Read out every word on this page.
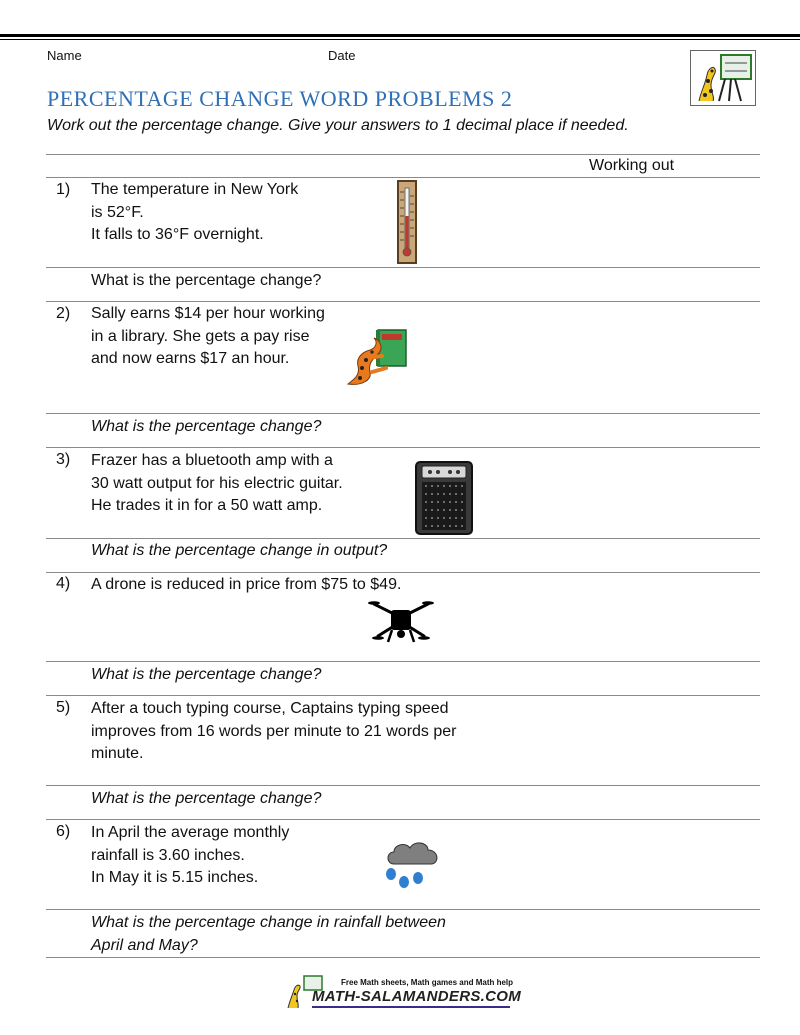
Name	Date
PERCENTAGE CHANGE WORD PROBLEMS 2
Work out the percentage change. Give your answers to 1 decimal place if needed.
Working out
1) The temperature in New York
is 52°F.
It falls to 36°F overnight.
What is the percentage change?
2) Sally earns $14 per hour working
in a library. She gets a pay rise
and now earns $17 an hour.
What is the percentage change?
3) Frazer has a bluetooth amp with a
30 watt output for his electric guitar.
He trades it in for a 50 watt amp.
What is the percentage change in output?
4) A drone is reduced in price from $75 to $49.
What is the percentage change?
5) After a touch typing course, Captains typing speed
improves from 16 words per minute to 21 words per
minute.
What is the percentage change?
6) In April the average monthly
rainfall is 3.60 inches.
In May it is 5.15 inches.
What is the percentage change in rainfall between
April and May?
Free Math sheets, Math games and Math help
MATH-SALAMANDERS.COM
